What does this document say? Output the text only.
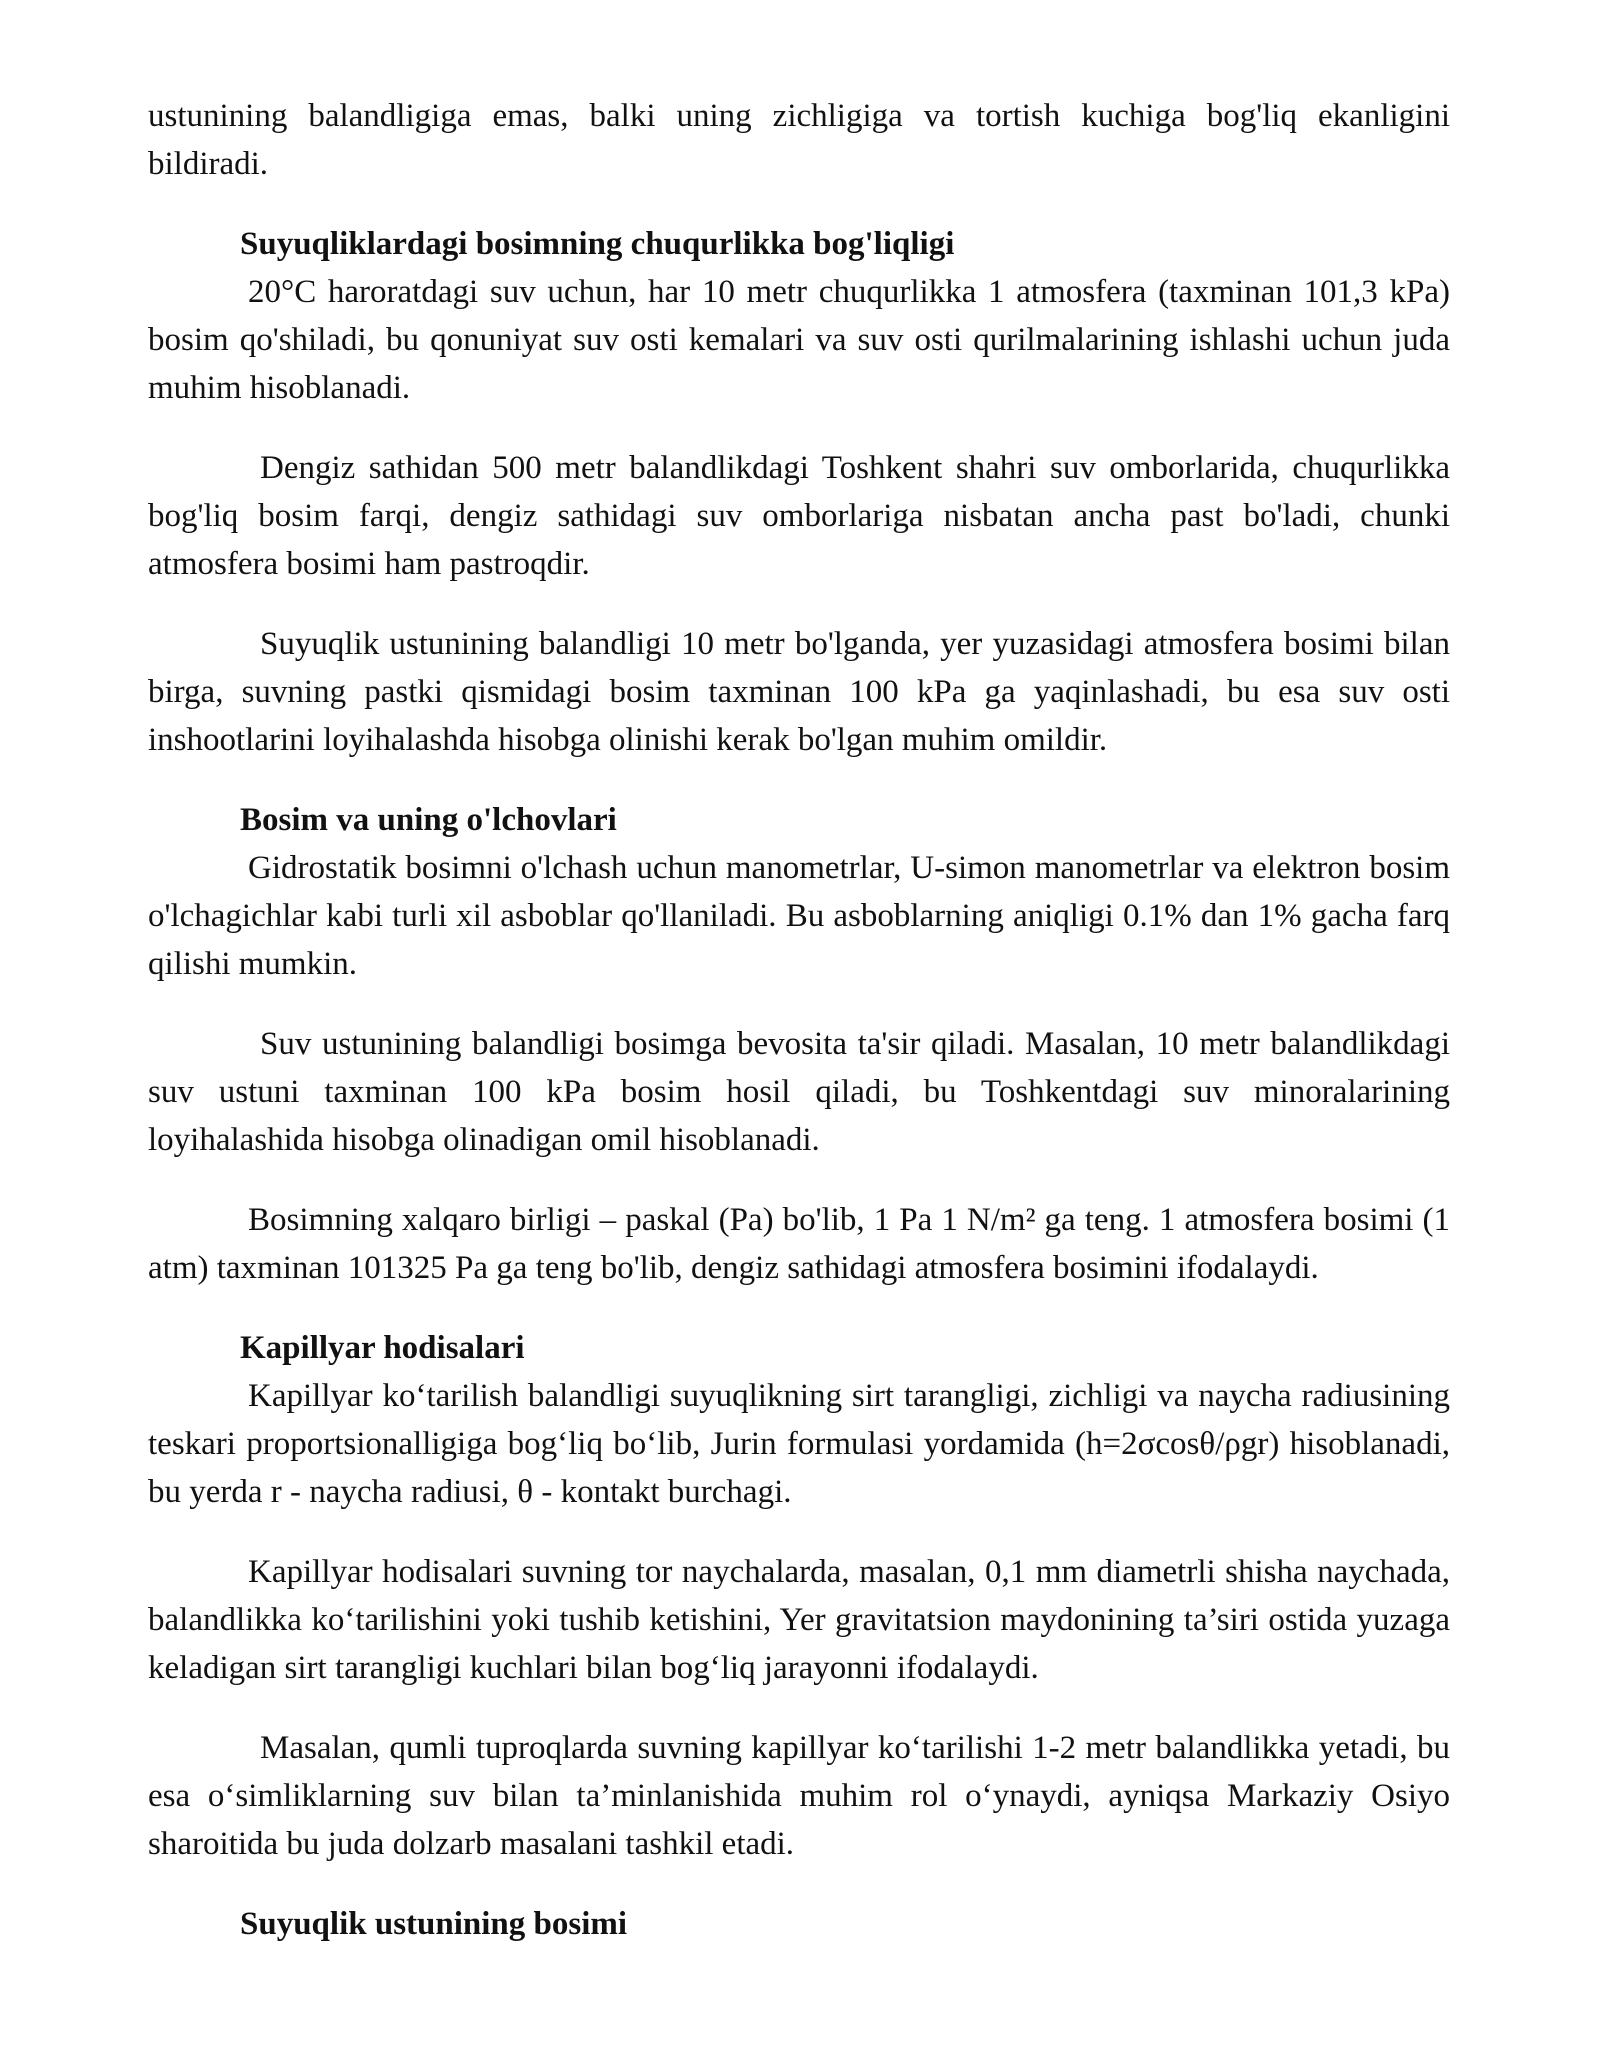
ustunining balandligiga emas, balki uning zichligiga va tortish kuchiga bog'liq ekanligini bildiradi.

Suyuqliklardagi bosimning chuqurlikka bog'liqligi

20°C haroratdagi suv uchun, har 10 metr chuqurlikka 1 atmosfera (taxminan 101,3 kPa) bosim qo'shiladi, bu qonuniyat suv osti kemalari va suv osti qurilmalarining ishlashi uchun juda muhim hisoblanadi.

Dengiz sathidan 500 metr balandlikdagi Toshkent shahri suv omborlarida, chuqurlikka bog'liq bosim farqi, dengiz sathidagi suv omborlariga nisbatan ancha past bo'ladi, chunki atmosfera bosimi ham pastroqdir.

Suyuqlik ustunining balandligi 10 metr bo'lganda, yer yuzasidagi atmosfera bosimi bilan birga, suvning pastki qismidagi bosim taxminan 100 kPa ga yaqinlashadi, bu esa suv osti inshootlarini loyihalashda hisobga olinishi kerak bo'lgan muhim omildir.

Bosim va uning o'lchovlari

Gidrostatik bosimni o'lchash uchun manometrlar, U-simon manometrlar va elektron bosim o'lchagichlar kabi turli xil asboblar qo'llaniladi. Bu asboblarning aniqligi 0.1% dan 1% gacha farq qilishi mumkin.

Suv ustunining balandligi bosimga bevosita ta'sir qiladi. Masalan, 10 metr balandlikdagi suv ustuni taxminan 100 kPa bosim hosil qiladi, bu Toshkentdagi suv minoralarining loyihalashida hisobga olinadigan omil hisoblanadi.

Bosimning xalqaro birligi – paskal (Pa) bo'lib, 1 Pa 1 N/m² ga teng. 1 atmosfera bosimi (1 atm) taxminan 101325 Pa ga teng bo'lib, dengiz sathidagi atmosfera bosimini ifodalaydi.

Kapillyar hodisalari

Kapillyar ko‘tarilish balandligi suyuqlikning sirt tarangligi, zichligi va naycha radiusining teskari proportsionalligiga bog‘liq bo‘lib, Jurin formulasi yordamida (h=2σcosθ/ρgr) hisoblanadi, bu yerda r - naycha radiusi, θ - kontakt burchagi.

Kapillyar hodisalari suvning tor naychalarda, masalan, 0,1 mm diametrli shisha naychada, balandlikka ko‘tarilishini yoki tushib ketishini, Yer gravitatsion maydonining ta’siri ostida yuzaga keladigan sirt tarangligi kuchlari bilan bog‘liq jarayonni ifodalaydi.

Masalan, qumli tuproqlarda suvning kapillyar ko‘tarilishi 1-2 metr balandlikka yetadi, bu esa o‘simliklarning suv bilan ta’minlanishida muhim rol o‘ynaydi, ayniqsa Markaziy Osiyo sharoitida bu juda dolzarb masalani tashkil etadi.

Suyuqlik ustunining bosimi
